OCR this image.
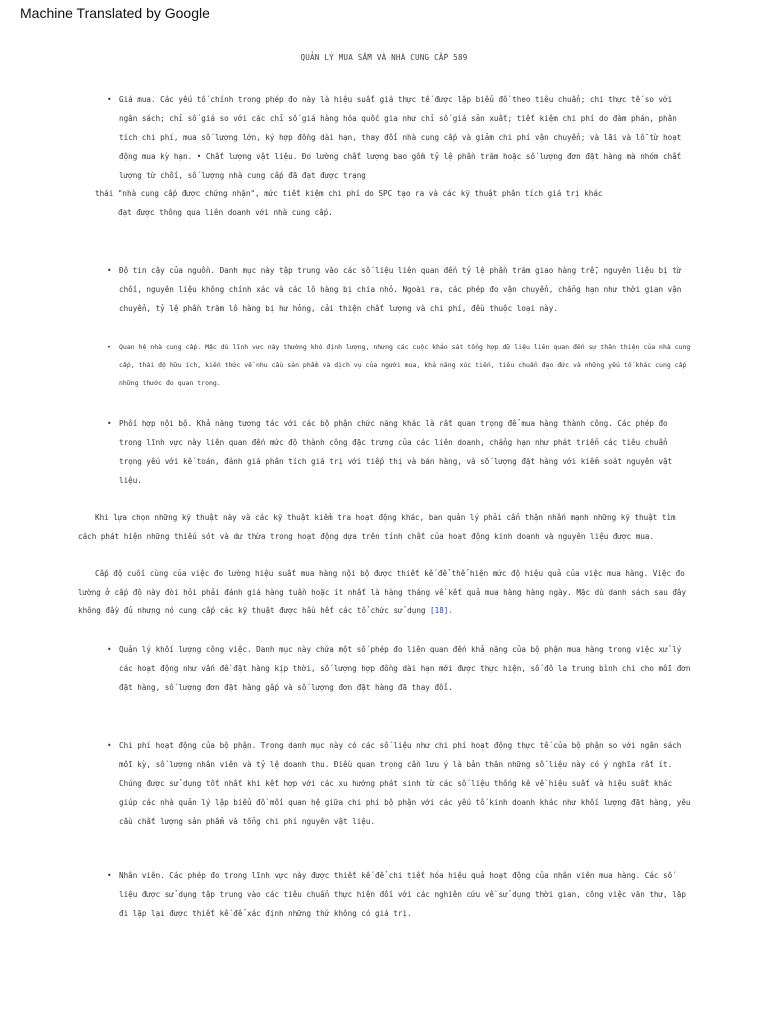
Machine Translated by Google
QUẢN LÝ MUA SẮM VÀ NHÀ CUNG CẤP 589

• Giá mua. Các yếu tố chính trong phép đo này là hiệu suất giá thực tế được lập biểu đồ theo tiêu chuẩn; chi thực tế so với ngân sách; chỉ số giá so với các chỉ số giá hàng hóa quốc gia như chỉ số giá sản xuất; tiết kiệm chi phí do đàm phán, phân tích chi phí, mua số lượng lớn, ký hợp đồng dài hạn, thay đổi nhà cung cấp và giảm chi phí vận chuyển; và lãi và lỗ từ hoạt động mua kỳ hạn. • Chất lượng vật liệu. Đo lường chất lượng bao gồm tỷ lệ phần trăm hoặc số lượng đơn đặt hàng mà nhóm chất lượng từ chối, số lượng nhà cung cấp đã đạt được trạng

thái "nhà cung cấp được chứng nhận", mức tiết kiệm chi phí do SPC tạo ra và các kỹ thuật phân tích giá trị khác
đạt được thông qua liên doanh với nhà cung cấp.

• Độ tin cậy của nguồn. Danh mục này tập trung vào các số liệu liên quan đến tỷ lệ phần trăm giao hàng trễ, nguyên liệu bị từ chối, nguyên liệu không chính xác và các lô hàng bị chia nhỏ. Ngoài ra, các phép đo vận chuyển, chẳng hạn như thời gian vận chuyển, tỷ lệ phần trăm lô hàng bị hư hỏng, cải thiện chất lượng và chi phí, đều thuộc loại này.

• Quan hệ nhà cung cấp. Mặc dù lĩnh vực này thường khó định lượng, nhưng các cuộc khảo sát tổng hợp dữ liệu liên quan đến sự thân thiện của nhà cung cấp, thái độ hữu ích, kiến thức về nhu cầu sản phẩm và dịch vụ của người mua, khả năng xúc tiến, tiêu chuẩn đạo đức và những yếu tố khác cung cấp những thước đo quan trọng.

• Phối hợp nội bộ. Khả năng tương tác với các bộ phận chức năng khác là rất quan trọng để mua hàng thành công. Các phép đo trong lĩnh vực này liên quan đến mức độ thành công đặc trưng của các liên doanh, chẳng hạn như phát triển các tiêu chuẩn trọng yếu với kế toán, đánh giá phân tích giá trị với tiếp thị và bán hàng, và số lượng đặt hàng với kiểm soát nguyên vật liệu.

Khi lựa chọn những kỹ thuật này và các kỹ thuật kiểm tra hoạt động khác, ban quản lý phải cẩn thận nhấn mạnh những kỹ thuật tìm cách phát hiện những thiếu sót và dư thừa trong hoạt động dựa trên tính chất của hoạt động kinh doanh và nguyên liệu được mua.

Cấp độ cuối cùng của việc đo lường hiệu suất mua hàng nội bộ được thiết kế để thể hiện mức độ hiệu quả của việc mua hàng. Việc đo lường ở cấp độ này đòi hỏi phải đánh giá hàng tuần hoặc ít nhất là hàng tháng về kết quả mua hàng hàng ngày. Mặc dù danh sách sau đây không đầy đủ nhưng nó cung cấp các kỹ thuật được hầu hết các tổ chức sử dụng [18].

• Quản lý khối lượng công việc. Danh mục này chứa một số phép đo liên quan đến khả năng của bộ phận mua hàng trong việc xử lý các hoạt động như vấn đề đặt hàng kịp thời, số lượng hợp đồng dài hạn mới được thực hiện, số đô la trung bình chi cho mỗi đơn đặt hàng, số lượng đơn đặt hàng gấp và số lượng đơn đặt hàng đã thay đổi.

• Chi phí hoạt động của bộ phận. Trong danh mục này có các số liệu như chi phí hoạt động thực tế của bộ phận so với ngân sách mỗi kỳ, số lượng nhân viên và tỷ lệ doanh thu. Điều quan trọng cần lưu ý là bản thân những số liệu này có ý nghĩa rất ít. Chúng được sử dụng tốt nhất khi kết hợp với các xu hướng phát sinh từ các số liệu thống kê về hiệu suất và hiệu suất khác giúp các nhà quản lý lập biểu đồ mối quan hệ giữa chi phí bộ phận với các yếu tố kinh doanh khác như khối lượng đặt hàng, yêu cầu chất lượng sản phẩm và tổng chi phí nguyên vật liệu.

• Nhân viên. Các phép đo trong lĩnh vực này được thiết kế để chi tiết hóa hiệu quả hoạt động của nhân viên mua hàng. Các số liệu được sử dụng tập trung vào các tiêu chuẩn thực hiện đối với các nghiên cứu về sử dụng thời gian, công việc văn thư, lặp đi lặp lại được thiết kế để xác định những thứ không có giá trị.
